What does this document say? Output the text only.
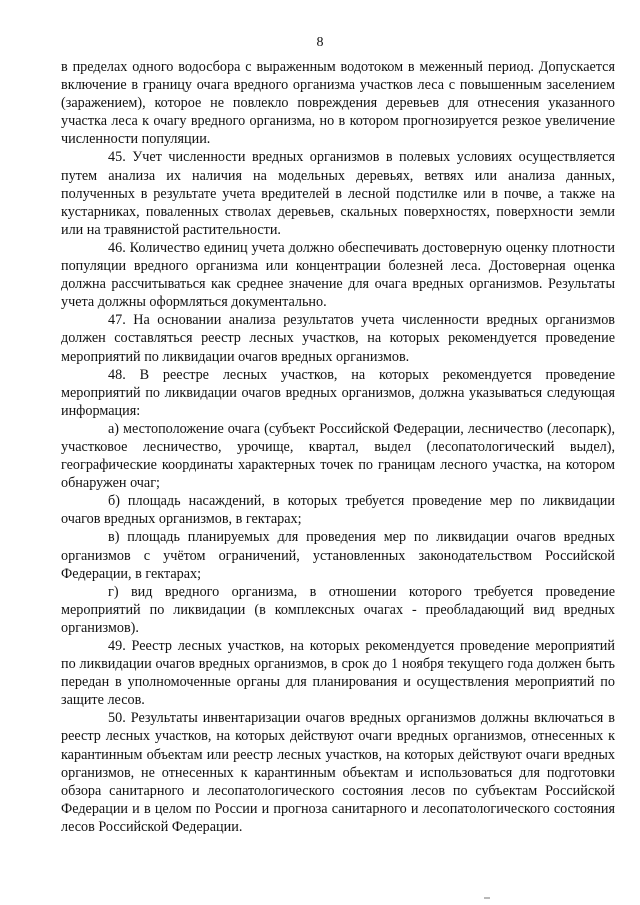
8

в пределах одного водосбора с выраженным водотоком в меженный период. Допускается включение в границу очага вредного организма участков леса с повышенным заселением (заражением), которое не повлекло повреждения деревьев для отнесения указанного участка леса к очагу вредного организма, но в котором прогнозируется резкое увеличение численности популяции.

45. Учет численности вредных организмов в полевых условиях осуществляется путем анализа их наличия на модельных деревьях, ветвях или анализа данных, полученных в результате учета вредителей в лесной подстилке или в почве, а также на кустарниках, поваленных стволах деревьев, скальных поверхностях, поверхности земли или на травянистой растительности.

46. Количество единиц учета должно обеспечивать достоверную оценку плотности популяции вредного организма или концентрации болезней леса. Достоверная оценка должна рассчитываться как среднее значение для очага вредных организмов. Результаты учета должны оформляться документально.

47. На основании анализа результатов учета численности вредных организмов должен составляться реестр лесных участков, на которых рекомендуется проведение мероприятий по ликвидации очагов вредных организмов.

48. В реестре лесных участков, на которых рекомендуется проведение мероприятий по ликвидации очагов вредных организмов, должна указываться следующая информация:

а) местоположение очага (субъект Российской Федерации, лесничество (лесопарк), участковое лесничество, урочище, квартал, выдел (лесопатологический выдел), географические координаты характерных точек по границам лесного участка, на котором обнаружен очаг;

б) площадь насаждений, в которых требуется проведение мер по ликвидации очагов вредных организмов, в гектарах;

в) площадь планируемых для проведения мер по ликвидации очагов вредных организмов с учётом ограничений, установленных законодательством Российской Федерации, в гектарах;

г) вид вредного организма, в отношении которого требуется проведение мероприятий по ликвидации (в комплексных очагах - преобладающий вид вредных организмов).

49. Реестр лесных участков, на которых рекомендуется проведение мероприятий по ликвидации очагов вредных организмов, в срок до 1 ноября текущего года должен быть передан в уполномоченные органы для планирования и осуществления мероприятий по защите лесов.

50. Результаты инвентаризации очагов вредных организмов должны включаться в реестр лесных участков, на которых действуют очаги вредных организмов, отнесенных к карантинным объектам или реестр лесных участков, на которых действуют очаги вредных организмов, не отнесенных к карантинным объектам и использоваться для подготовки обзора санитарного и лесопатологического состояния лесов по субъектам Российской Федерации и в целом по России и прогноза санитарного и лесопатологического состояния лесов Российской Федерации.
